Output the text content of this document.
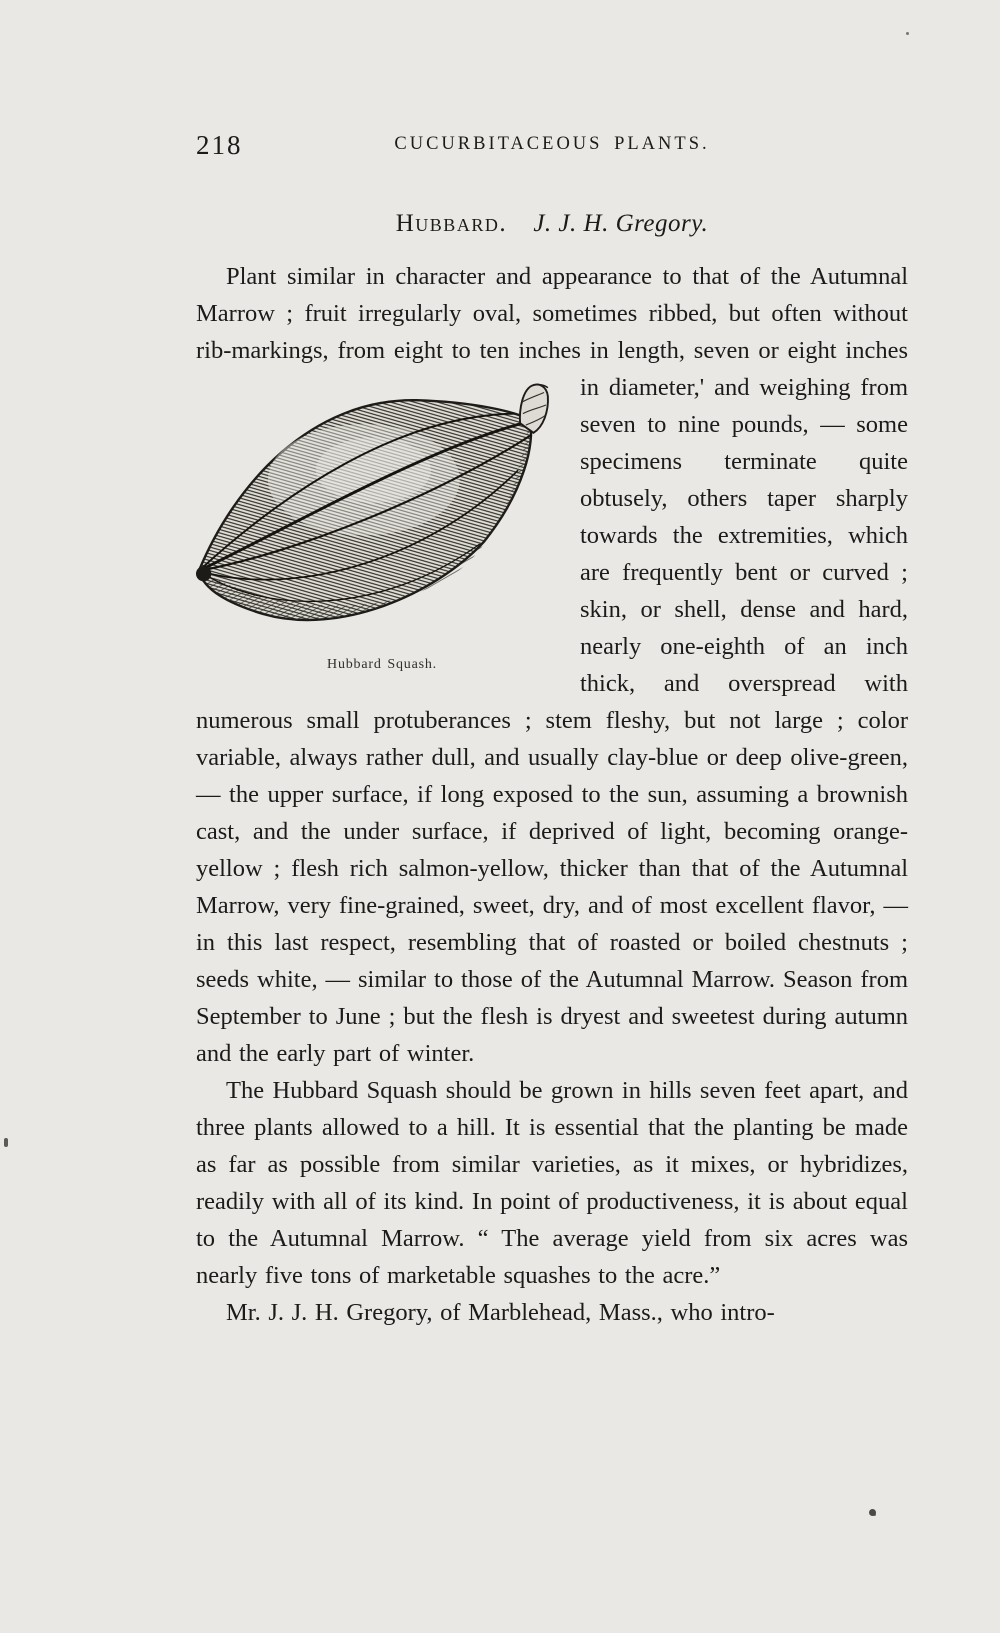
218	CUCURBITACEOUS PLANTS.
Hubbard. J. J. H. Gregory.

Plant similar in character and appearance to that of the Autumnal Marrow ; fruit irregularly oval, sometimes ribbed, but often without rib-markings, from eight to ten inches in
Hubbard Squash.
length, seven or eight inches in diameter,' and weighing from seven to nine pounds, — some specimens terminate quite obtusely, others taper sharply towards the extremities, which are frequently bent or curved ; skin, or shell, dense and hard, nearly one-eighth of an inch thick, and overspread with numerous small protuberances ; stem fleshy, but not large ; color variable, always rather dull, and usually clay-blue or deep olive-green, — the upper surface, if long exposed to the sun, assuming a brownish cast, and the under surface, if deprived of light, becoming orange-yellow ; flesh rich salmon-yellow, thicker than that of the Autumnal Marrow, very fine-grained, sweet, dry, and of most excellent flavor, — in this last respect, resembling that of roasted or boiled chestnuts ; seeds white, — similar to those of the Autumnal Marrow. Season from September to June ; but the flesh is dryest and sweetest during autumn and the early part of winter.

The Hubbard Squash should be grown in hills seven feet apart, and three plants allowed to a hill. It is essential that the planting be made as far as possible from similar varieties, as it mixes, or hybridizes, readily with all of its kind. In point of productiveness, it is about equal to the Autumnal Marrow. “ The average yield from six acres was nearly five tons of marketable squashes to the acre.”

Mr. J. J. H. Gregory, of Marblehead, Mass., who intro-
